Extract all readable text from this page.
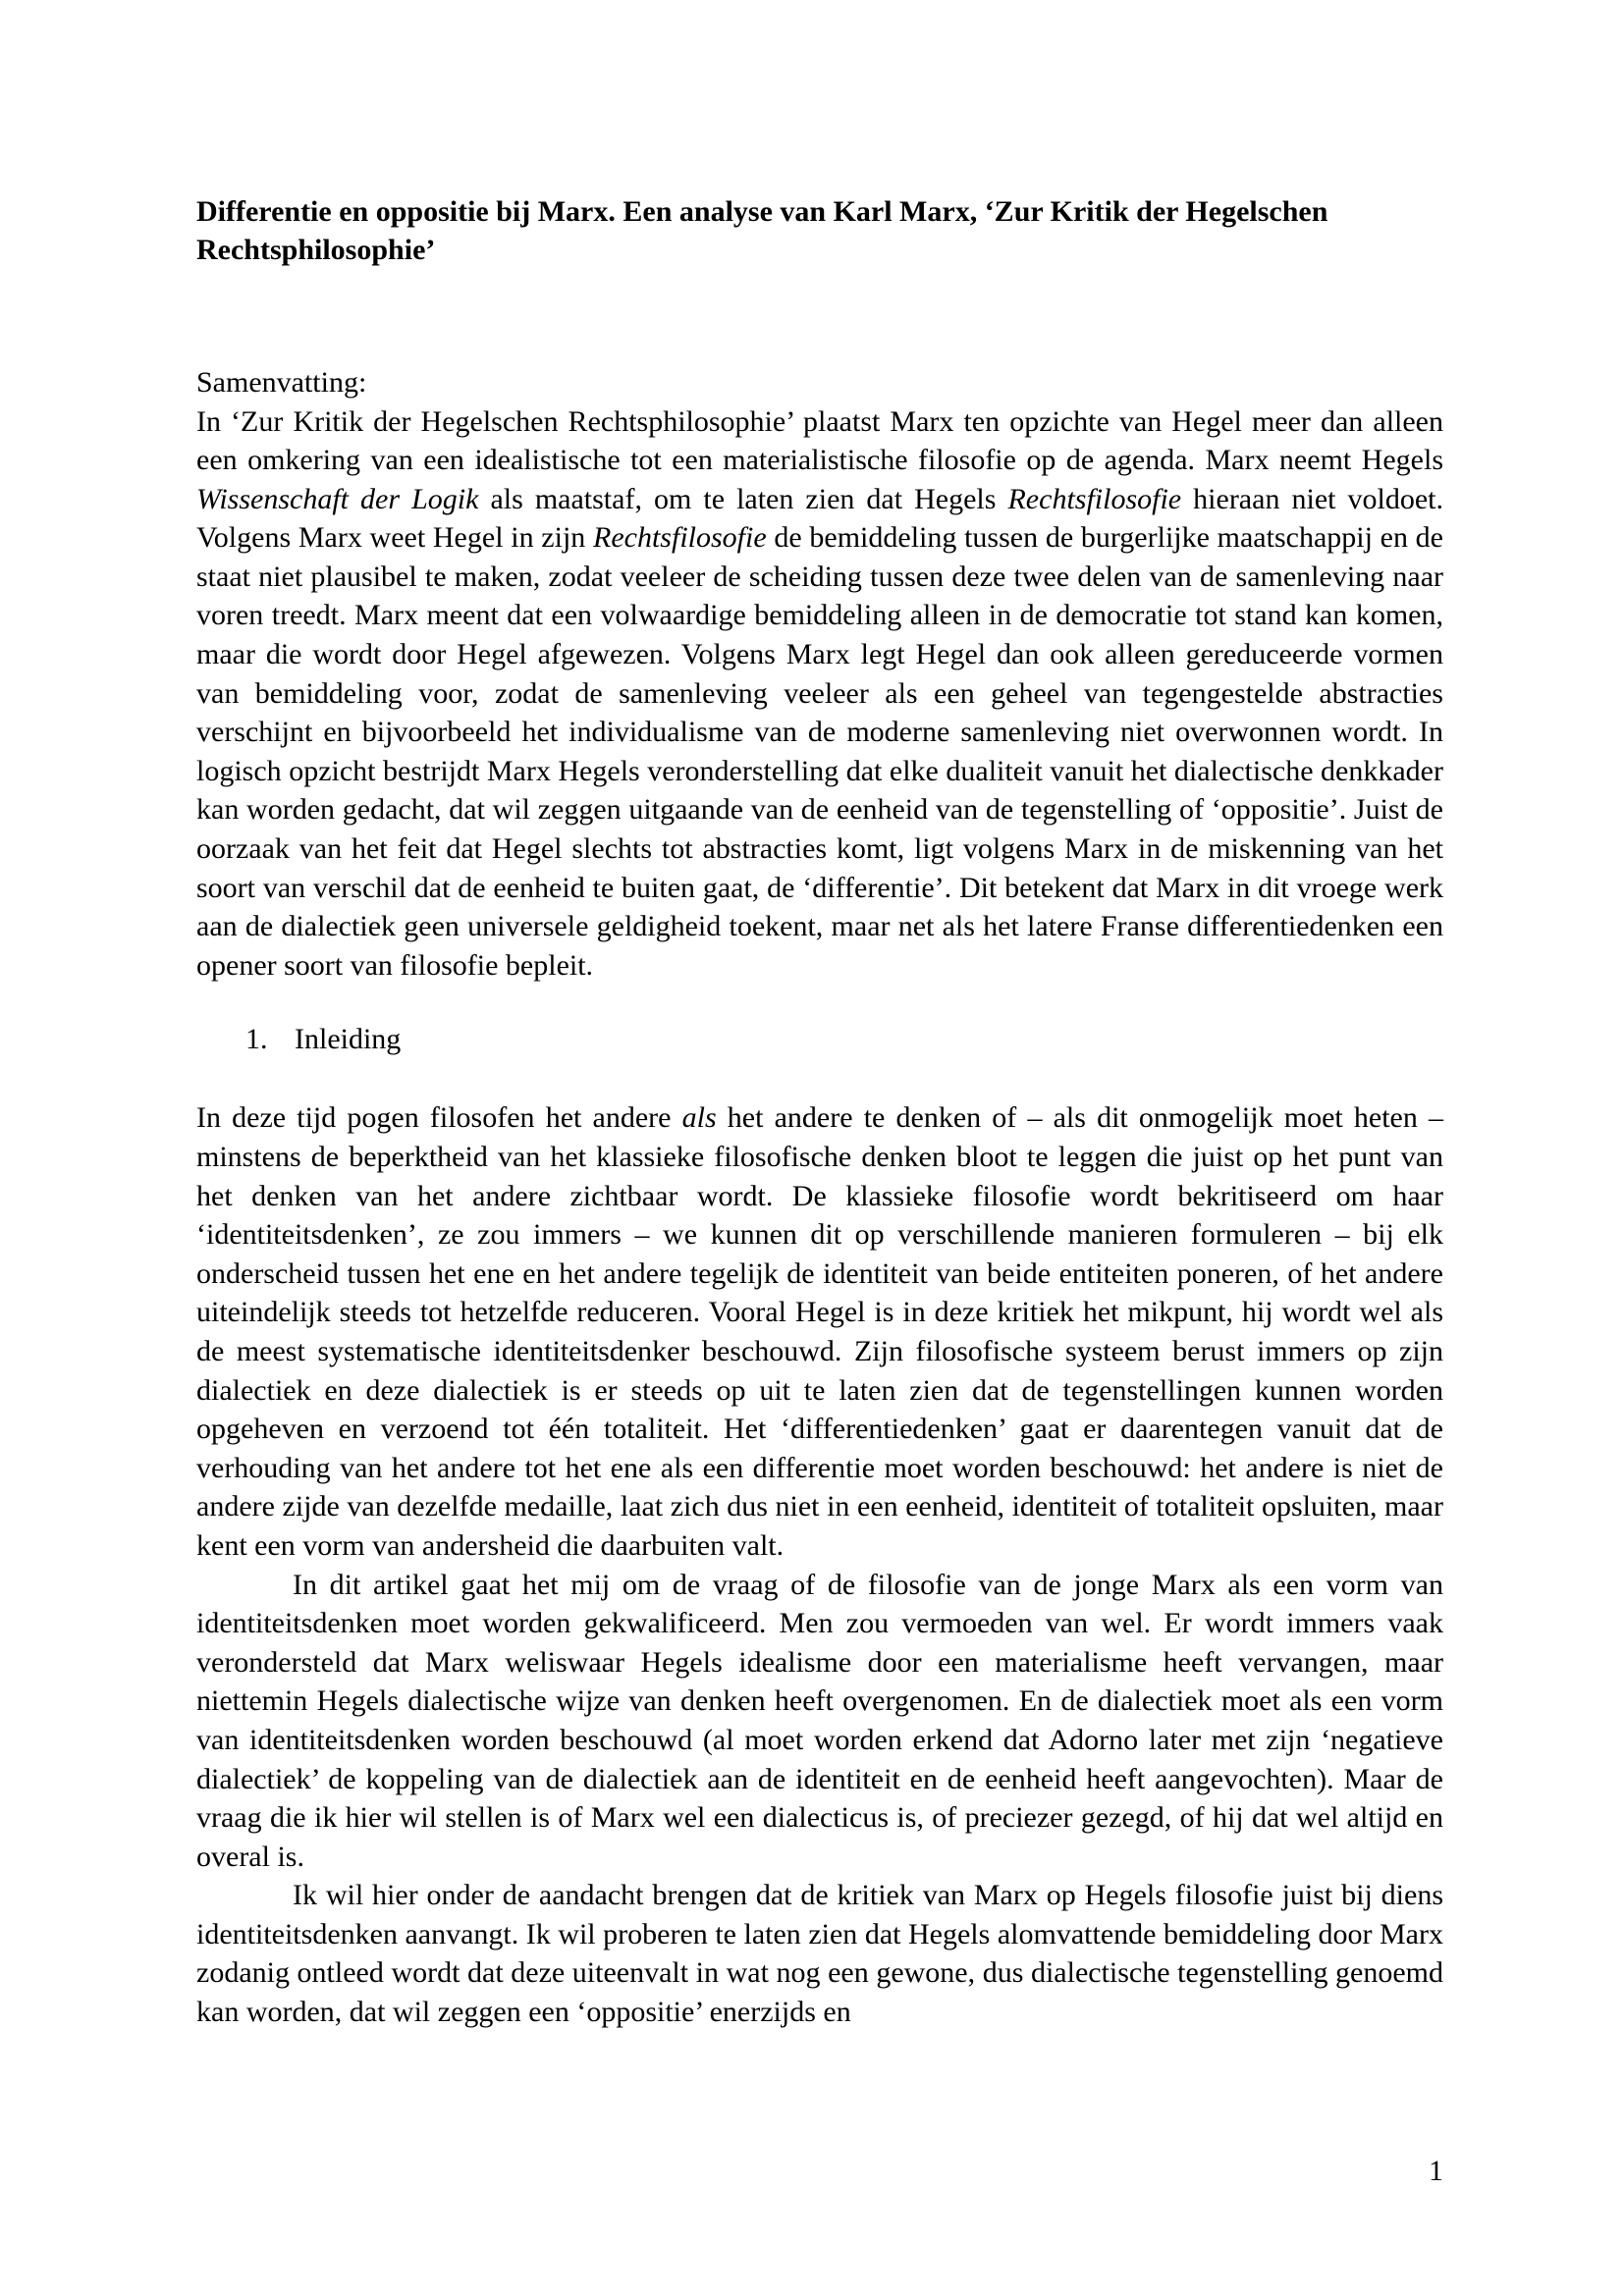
Differentie en oppositie bij Marx. Een analyse van Karl Marx, ‘Zur Kritik der Hegelschen Rechtsphilosophie’

Samenvatting:

In ‘Zur Kritik der Hegelschen Rechtsphilosophie’ plaatst Marx ten opzichte van Hegel meer dan alleen een omkering van een idealistische tot een materialistische filosofie op de agenda. Marx neemt Hegels Wissenschaft der Logik als maatstaf, om te laten zien dat Hegels Rechtsfilosofie hieraan niet voldoet. Volgens Marx weet Hegel in zijn Rechtsfilosofie de bemiddeling tussen de burgerlijke maatschappij en de staat niet plausibel te maken, zodat veeleer de scheiding tussen deze twee delen van de samenleving naar voren treedt. Marx meent dat een volwaardige bemiddeling alleen in de democratie tot stand kan komen, maar die wordt door Hegel afgewezen. Volgens Marx legt Hegel dan ook alleen gereduceerde vormen van bemiddeling voor, zodat de samenleving veeleer als een geheel van tegengestelde abstracties verschijnt en bijvoorbeeld het individualisme van de moderne samenleving niet overwonnen wordt. In logisch opzicht bestrijdt Marx Hegels veronderstelling dat elke dualiteit vanuit het dialectische denkkader kan worden gedacht, dat wil zeggen uitgaande van de eenheid van de tegenstelling of ‘oppositie’. Juist de oorzaak van het feit dat Hegel slechts tot abstracties komt, ligt volgens Marx in de miskenning van het soort van verschil dat de eenheid te buiten gaat, de ‘differentie’. Dit betekent dat Marx in dit vroege werk aan de dialectiek geen universele geldigheid toekent, maar net als het latere Franse differentiedenken een opener soort van filosofie bepleit.

1. Inleiding

In deze tijd pogen filosofen het andere als het andere te denken of – als dit onmogelijk moet heten – minstens de beperktheid van het klassieke filosofische denken bloot te leggen die juist op het punt van het denken van het andere zichtbaar wordt. De klassieke filosofie wordt bekritiseerd om haar ‘identiteitsdenken’, ze zou immers – we kunnen dit op verschillende manieren formuleren – bij elk onderscheid tussen het ene en het andere tegelijk de identiteit van beide entiteiten poneren, of het andere uiteindelijk steeds tot hetzelfde reduceren. Vooral Hegel is in deze kritiek het mikpunt, hij wordt wel als de meest systematische identiteitsdenker beschouwd. Zijn filosofische systeem berust immers op zijn dialectiek en deze dialectiek is er steeds op uit te laten zien dat de tegenstellingen kunnen worden opgeheven en verzoend tot één totaliteit. Het ‘differentiedenken’ gaat er daarentegen vanuit dat de verhouding van het andere tot het ene als een differentie moet worden beschouwd: het andere is niet de andere zijde van dezelfde medaille, laat zich dus niet in een eenheid, identiteit of totaliteit opsluiten, maar kent een vorm van andersheid die daarbuiten valt.

In dit artikel gaat het mij om de vraag of de filosofie van de jonge Marx als een vorm van identiteitsdenken moet worden gekwalificeerd. Men zou vermoeden van wel. Er wordt immers vaak verondersteld dat Marx weliswaar Hegels idealisme door een materialisme heeft vervangen, maar niettemin Hegels dialectische wijze van denken heeft overgenomen. En de dialectiek moet als een vorm van identiteitsdenken worden beschouwd (al moet worden erkend dat Adorno later met zijn ‘negatieve dialectiek’ de koppeling van de dialectiek aan de identiteit en de eenheid heeft aangevochten). Maar de vraag die ik hier wil stellen is of Marx wel een dialecticus is, of preciezer gezegd, of hij dat wel altijd en overal is.

Ik wil hier onder de aandacht brengen dat de kritiek van Marx op Hegels filosofie juist bij diens identiteitsdenken aanvangt. Ik wil proberen te laten zien dat Hegels alomvattende bemiddeling door Marx zodanig ontleed wordt dat deze uiteenvalt in wat nog een gewone, dus dialectische tegenstelling genoemd kan worden, dat wil zeggen een ‘oppositie’ enerzijds en

1
